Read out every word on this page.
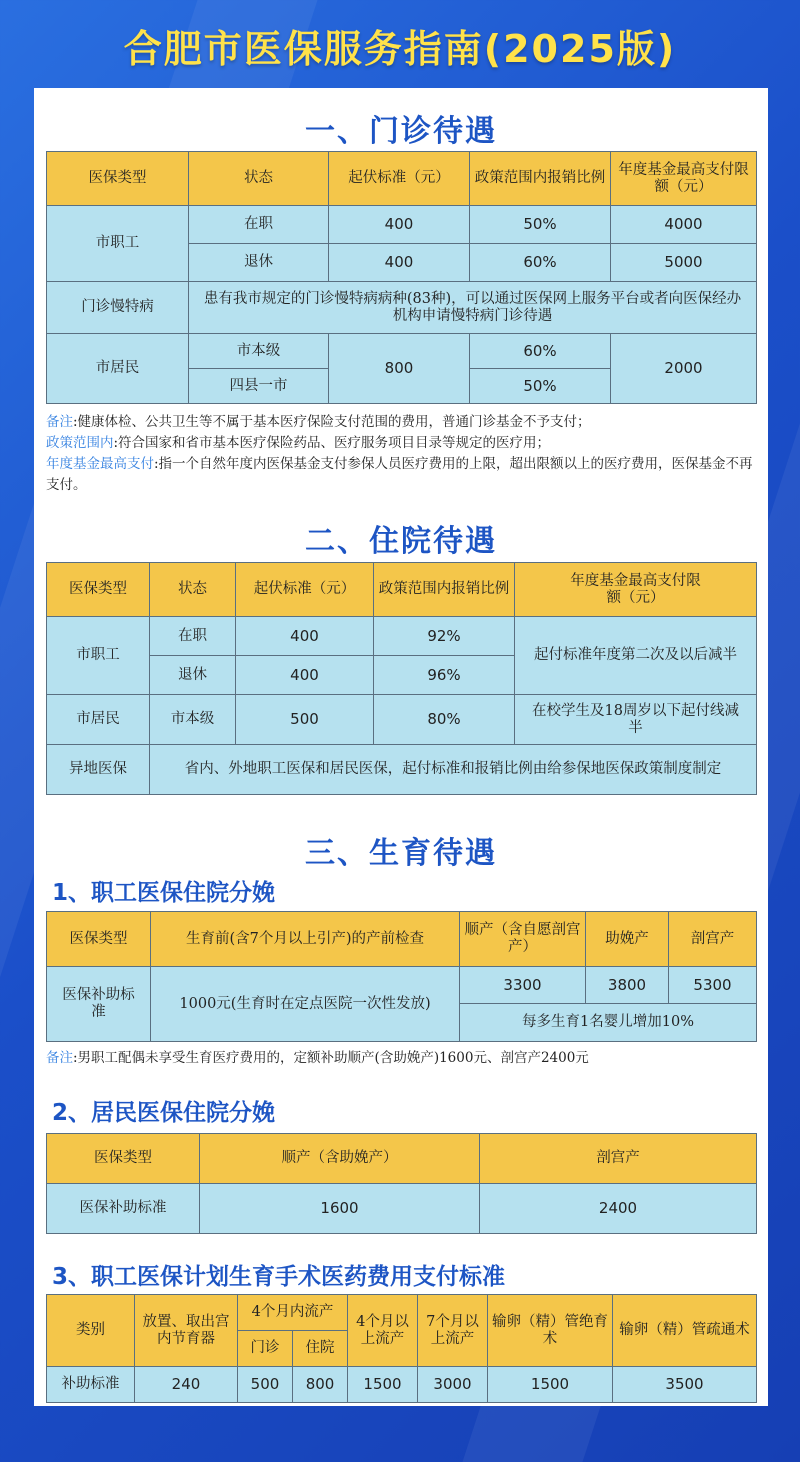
合肥市医保服务指南(2025版)
一、门诊待遇
医保类型	状态	起伏标准（元）	政策范围内报销比例	年度基金最高支付限额（元）
市职工	在职	400	50%	4000
	退休	400	60%	5000
门诊慢特病	患有我市规定的门诊慢特病病种(83种)，可以通过医保网上服务平台或者向医保经办机构申请慢特病门诊待遇			
市居民	市本级	800	60%	2000
	四县一市		50%	
备注:健康体检、公共卫生等不属于基本医疗保险支付范围的费用，普通门诊基金不予支付；
政策范围内:符合国家和省市基本医疗保险药品、医疗服务项目目录等规定的医疗用；
年度基金最高支付:指一个自然年度内医保基金支付参保人员医疗费用的上限，超出限额以上的医疗费用，医保基金不再支付。
二、住院待遇
医保类型	状态	起伏标准（元）	政策范围内报销比例	年度基金最高支付限额（元）
市职工	在职	400	92%	起付标准年度第二次及以后减半
	退休	400	96%	
市居民	市本级	500	80%	在校学生及18周岁以下起付线减半
异地医保	省内、外地职工医保和居民医保，起付标准和报销比例由给参保地医保政策制度制定			
三、生育待遇
1、职工医保住院分娩
医保类型	生育前(含7个月以上引产)的产前检查	顺产（含自愿剖宫产）	助娩产	剖宫产
医保补助标准	1000元(生育时在定点医院一次性发放)	3300	3800	5300
		每多生育1名婴儿增加10%		
备注:男职工配偶未享受生育医疗费用的，定额补助顺产(含助娩产)1600元、剖宫产2400元
2、居民医保住院分娩
医保类型	顺产（含助娩产）	剖宫产
医保补助标准	1600	2400
3、职工医保计划生育手术医药费用支付标准
类别	放置、取出宫内节育器	4个月内流产		4个月以上流产	7个月以上流产	输卵（精）管绝育术	输卵（精）管疏通术
		门诊	住院				
补助标准	240	500	800	1500	3000	1500	3500
